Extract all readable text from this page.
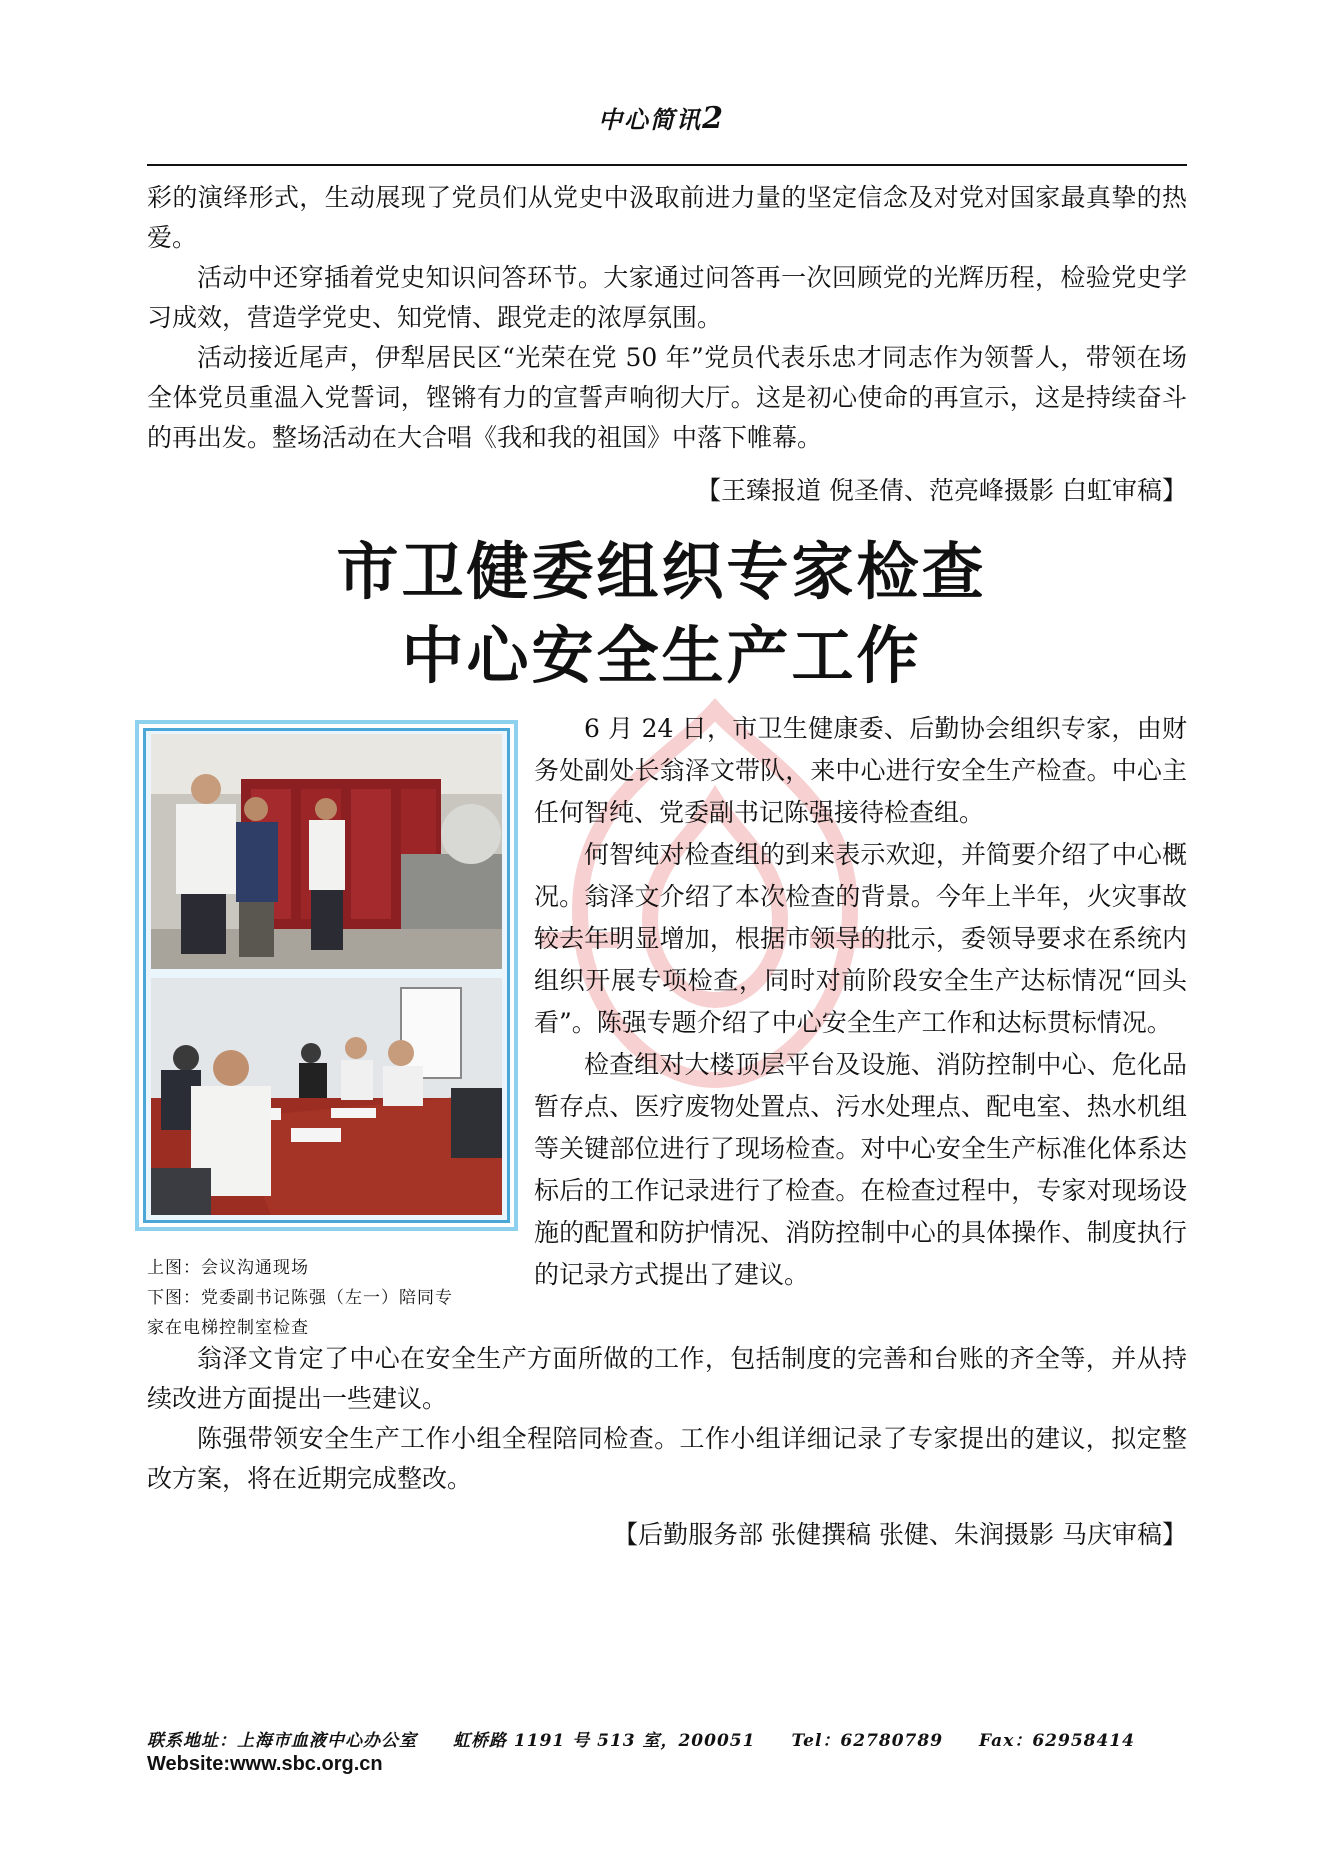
中心简讯2

彩的演绎形式，生动展现了党员们从党史中汲取前进力量的坚定信念及对党对国家最真挚的热爱。

活动中还穿插着党史知识问答环节。大家通过问答再一次回顾党的光辉历程，检验党史学习成效，营造学党史、知党情、跟党走的浓厚氛围。

活动接近尾声，伊犁居民区“光荣在党 50 年”党员代表乐忠才同志作为领誓人，带领在场全体党员重温入党誓词，铿锵有力的宣誓声响彻大厅。这是初心使命的再宣示，这是持续奋斗的再出发。整场活动在大合唱《我和我的祖国》中落下帷幕。

【王臻报道 倪圣倩、范亮峰摄影 白虹审稿】
市卫健委组织专家检查
中心安全生产工作
上图：会议沟通现场
下图：党委副书记陈强（左一）陪同专
家在电梯控制室检查

6 月 24 日，市卫生健康委、后勤协会组织专家，由财务处副处长翁泽文带队，来中心进行安全生产检查。中心主任何智纯、党委副书记陈强接待检查组。

何智纯对检查组的到来表示欢迎，并简要介绍了中心概况。翁泽文介绍了本次检查的背景。今年上半年，火灾事故较去年明显增加，根据市领导的批示，委领导要求在系统内组织开展专项检查，同时对前阶段安全生产达标情况“回头看”。陈强专题介绍了中心安全生产工作和达标贯标情况。

检查组对大楼顶层平台及设施、消防控制中心、危化品暂存点、医疗废物处置点、污水处理点、配电室、热水机组等关键部位进行了现场检查。对中心安全生产标准化体系达标后的工作记录进行了检查。在检查过程中，专家对现场设施的配置和防护情况、消防控制中心的具体操作、制度执行的记录方式提出了建议。

翁泽文肯定了中心在安全生产方面所做的工作，包括制度的完善和台账的齐全等，并从持续改进方面提出一些建议。

陈强带领安全生产工作小组全程陪同检查。工作小组详细记录了专家提出的建议，拟定整改方案，将在近期完成整改。

【后勤服务部 张健撰稿 张健、朱润摄影 马庆审稿】
联系地址：上海市血液中心办公室　　虹桥路 1191 号 513 室，200051　　Tel：62780789　　Fax：62958414
Website:www.sbc.org.cn
